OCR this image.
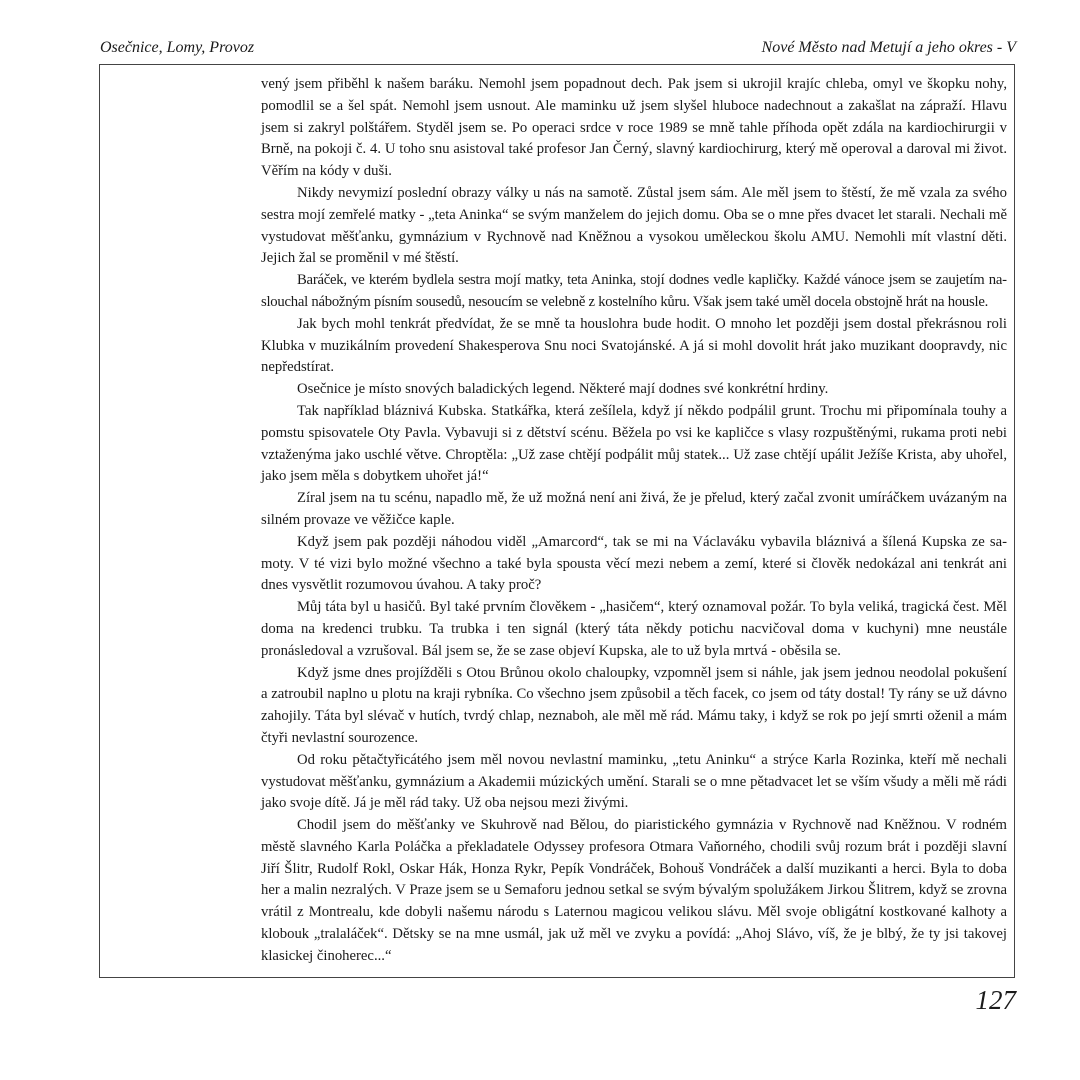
Osečnice, Lomy, Provoz	Nové Město nad Metují a jeho okres - V

vený jsem přiběhl k našem baráku. Nemohl jsem popadnout dech. Pak jsem si ukrojil krajíc chleba, omyl ve škopku nohy, pomodlil se a šel spát. Nemohl jsem usnout. Ale maminku už jsem slyšel hluboce nadechnout a zakašlat na zápraží. Hlavu jsem si zakryl polštářem. Styděl jsem se. Po operaci srdce v roce 1989 se mně tahle příhoda opět zdála na kardiochirurgii v Brně, na pokoji č. 4. U toho snu asistoval také profesor Jan Černý, slavný kardiochirurg, který mě operoval a daroval mi život. Věřím na kódy v duši.

Nikdy nevymizí poslední obrazy války u nás na samotě. Zůstal jsem sám. Ale měl jsem to štěstí, že mě vzala za svého sestra mojí zemřelé matky - „teta Aninka“ se svým manželem do jejich domu. Oba se o mne přes dvacet let starali. Nechali mě vystudovat měšťanku, gymnázium v Rychnově nad Kněžnou a vysokou uměleckou školu AMU. Nemohli mít vlastní děti. Jejich žal se proměnil v mé štěstí.

Baráček, ve kterém bydlela sestra mojí matky, teta Aninka, stojí dodnes vedle kapličky. Každé vánoce jsem se zaujetím naslouchal nábožným písním sousedů, nesoucím se velebně z kostelního kůru. Však jsem také uměl docela obstojně hrát na housle.

Jak bych mohl tenkrát předvídat, že se mně ta houslohra bude hodit. O mnoho let později jsem dostal překrásnou roli Klubka v muzikálním provedení Shakesperova Snu noci Svatojánské. A já si mohl dovolit hrát jako muzikant doopravdy, nic nepředstírat.

Osečnice je místo snových baladických legend. Některé mají dodnes své konkrétní hrdiny.

Tak například bláznivá Kubska. Statkářka, která zešílela, když jí někdo podpálil grunt. Trochu mi připomínala touhy a pomstu spisovatele Oty Pavla. Vybavuji si z dětství scénu. Běžela po vsi ke kapličce s vlasy rozpuštěnými, rukama proti nebi vztaženýma jako uschlé větve. Chroptěla: „Už zase chtějí podpálit můj statek... Už zase chtějí upálit Ježíše Krista, aby uhořel, jako jsem měla s dobytkem uhořet já!“

Zíral jsem na tu scénu, napadlo mě, že už možná není ani živá, že je přelud, který začal zvonit umíráčkem uvázaným na silném provaze ve věžičce kaple.

Když jsem pak později náhodou viděl „Amarcord“, tak se mi na Václaváku vybavila bláznivá a šílená Kupska ze samoty. V té vizi bylo možné všechno a také byla spousta věcí mezi nebem a zemí, které si člověk nedokázal ani tenkrát ani dnes vysvětlit rozumovou úvahou. A taky proč?

Můj táta byl u hasičů. Byl také prvním člověkem - „hasičem“, který oznamoval požár. To byla veliká, tragická čest. Měl doma na kredenci trubku. Ta trubka i ten signál (který táta někdy potichu nacvičoval doma v kuchyni) mne neustále pronásledoval a vzrušoval. Bál jsem se, že se zase objeví Kupska, ale to už byla mrtvá - oběsila se.

Když jsme dnes projížděli s Otou Brůnou okolo chaloupky, vzpomněl jsem si náhle, jak jsem jednou neodolal pokušení a zatroubil naplno u plotu na kraji rybníka. Co všechno jsem způsobil a těch facek, co jsem od táty dostal! Ty rány se už dávno zahojily. Táta byl slévač v hutích, tvrdý chlap, neznaboh, ale měl mě rád. Mámu taky, i když se rok po její smrti oženil a mám čtyři nevlastní sourozence.

Od roku pětačtyřicátého jsem měl novou nevlastní maminku, „tetu Aninku“ a strýce Karla Rozinka, kteří mě nechali vystudovat měšťanku, gymnázium a Akademii múzických umění. Starali se o mne pětadvacet let se vším všudy a měli mě rádi jako svoje dítě. Já je měl rád taky. Už oba nejsou mezi živými.

Chodil jsem do měšťanky ve Skuhrově nad Bělou, do piaristického gymnázia v Rychnově nad Kněžnou. V rodném městě slavného Karla Poláčka a překladatele Odyssey profesora Otmara Vaňorného, chodili svůj rozum brát i později slavní Jiří Šlitr, Rudolf Rokl, Oskar Hák, Honza Rykr, Pepík Vondráček, Bohouš Vondráček a další muzikanti a herci. Byla to doba her a malin nezralých. V Praze jsem se u Semaforu jednou setkal se svým bývalým spolužákem Jirkou Šlitrem, když se zrovna vrátil z Montrealu, kde dobyli našemu národu s Laternou magicou velikou slávu. Měl svoje obligátní kostkované kalhoty a klobouk „tralaláček“. Dětsky se na mne usmál, jak už měl ve zvyku a povídá: „Ahoj Slávo, víš, že je blbý, že ty jsi takovej klasickej činoherec...“

127
